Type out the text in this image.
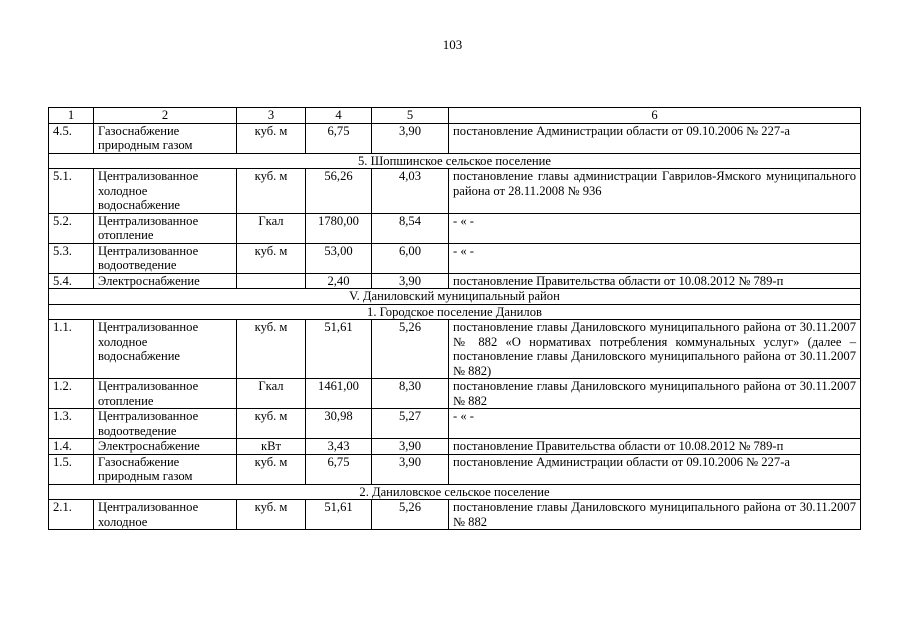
103
1	2	3	4	5	6
4.5.	Газоснабжение природным газом	куб. м	6,75	3,90	постановление Администрации области от 09.10.2006 № 227-а
5. Шопшинское сельское поселение					
5.1.	Централизованное холодное водоснабжение	куб. м	56,26	4,03	постановление главы администрации Гаврилов-Ямского муниципального района от 28.11.2008 № 936
5.2.	Централизованное отопление	Гкал	1780,00	8,54	- « -
5.3.	Централизованное водоотведение	куб. м	53,00	6,00	- « -
5.4.	Электроснабжение		2,40	3,90	постановление Правительства области от 10.08.2012 № 789-п
V. Даниловский муниципальный район					
1. Городское поселение Данилов					
1.1.	Централизованное холодное водоснабжение	куб. м	51,61	5,26	постановление главы Даниловского муниципального района от 30.11.2007 № 882 «О нормативах потребления коммунальных услуг» (далее – постановление главы Даниловского муниципального района от 30.11.2007 № 882)
1.2.	Централизованное отопление	Гкал	1461,00	8,30	постановление главы Даниловского муниципального района от 30.11.2007 № 882
1.3.	Централизованное водоотведение	куб. м	30,98	5,27	- « -
1.4.	Электроснабжение	кВт	3,43	3,90	постановление Правительства области от 10.08.2012 № 789-п
1.5.	Газоснабжение природным газом	куб. м	6,75	3,90	постановление Администрации области от 09.10.2006 № 227-а
2. Даниловское сельское поселение					
2.1.	Централизованное холодное	куб. м	51,61	5,26	постановление главы Даниловского муниципального района от 30.11.2007 № 882
